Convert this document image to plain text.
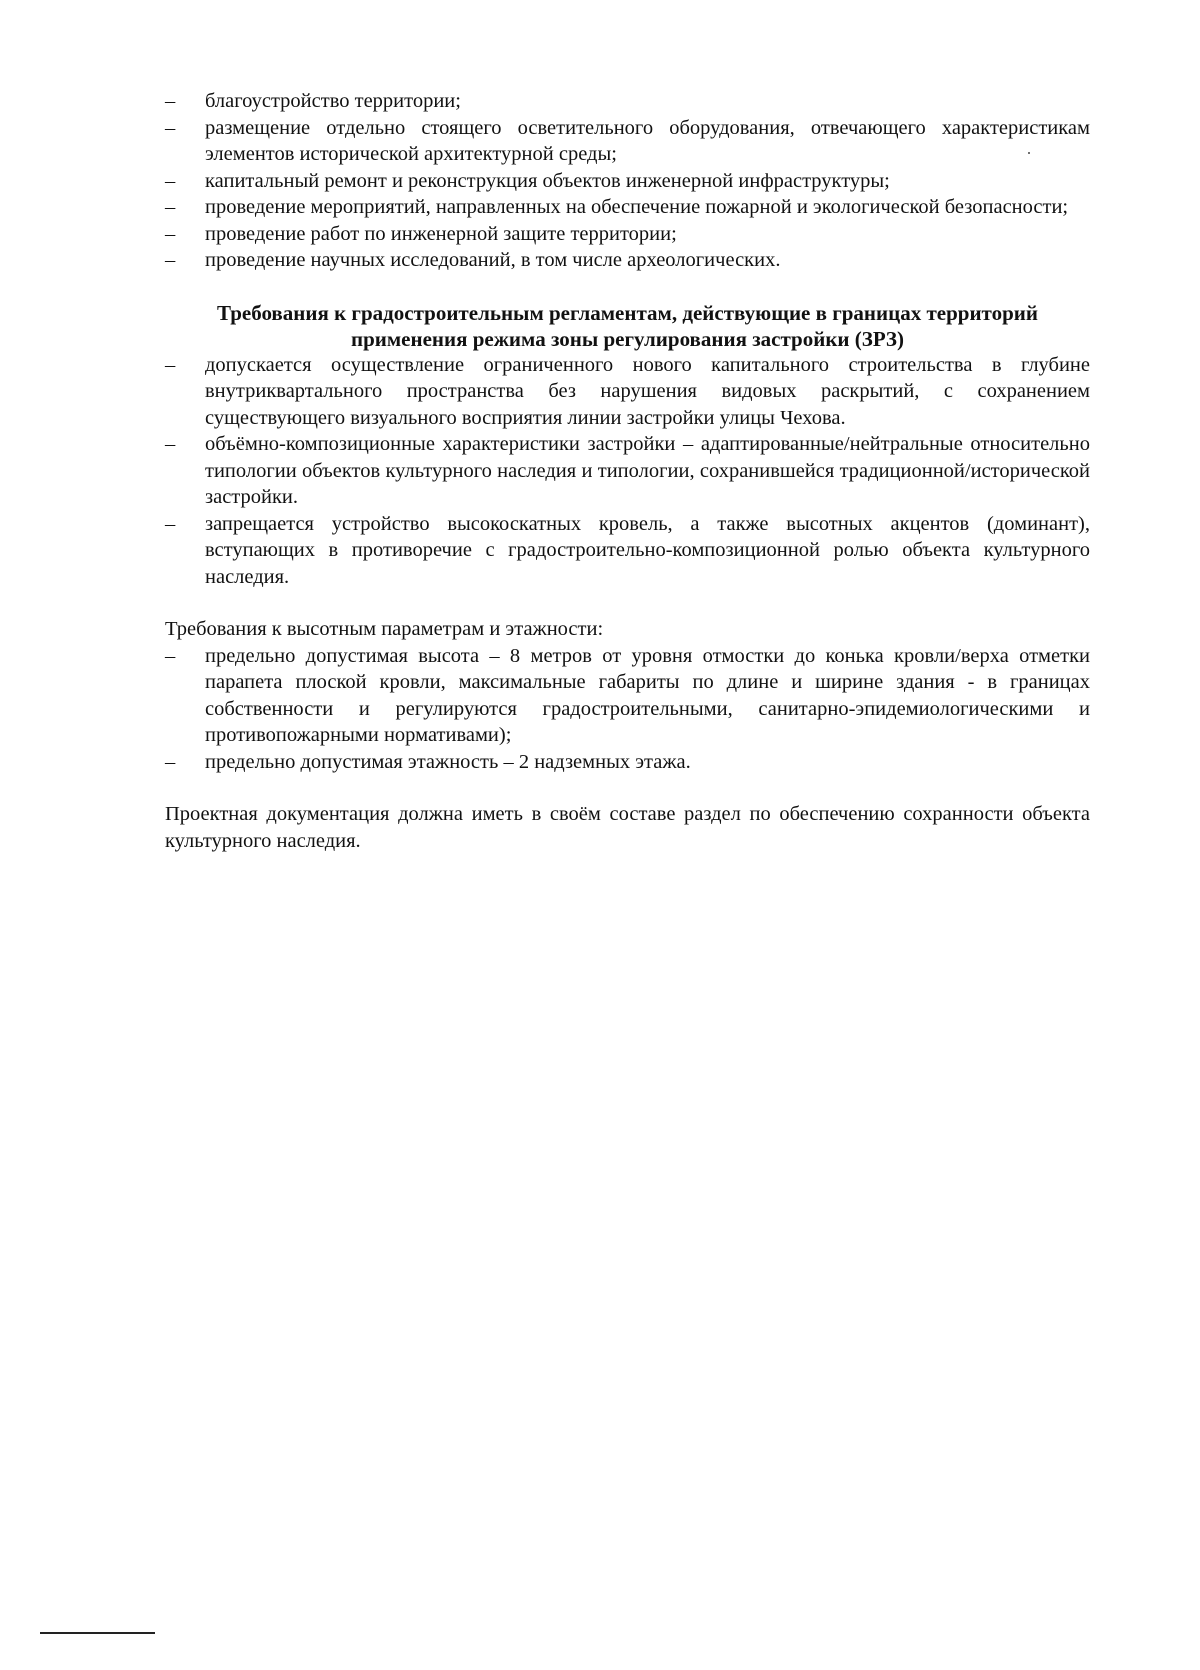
–	благоустройство территории;
–	размещение отдельно стоящего осветительного оборудования, отвечающего характеристикам элементов исторической архитектурной среды;
–	капитальный ремонт и реконструкция объектов инженерной инфраструктуры;
–	проведение мероприятий, направленных на обеспечение пожарной и экологической безопасности;
–	проведение работ по инженерной защите территории;
–	проведение научных исследований, в том числе археологических.
Требования к градостроительным регламентам, действующие в границах территорий применения режима зоны регулирования застройки (ЗРЗ)
–	допускается осуществление ограниченного нового капитального строительства в глубине внутриквартального пространства без нарушения видовых раскрытий, с сохранением существующего визуального восприятия линии застройки улицы Чехова.
–	объёмно-композиционные характеристики застройки – адаптированные/нейтральные относительно типологии объектов культурного наследия и типологии, сохранившейся традиционной/исторической застройки.
–	запрещается устройство высокоскатных кровель, а также высотных акцентов (доминант), вступающих в противоречие с градостроительно-композиционной ролью объекта культурного наследия.
Требования к высотным параметрам и этажности:
–	предельно допустимая высота – 8 метров от уровня отмостки до конька кровли/верха отметки парапета плоской кровли, максимальные габариты по длине и ширине здания - в границах собственности и регулируются градостроительными, санитарно-эпидемиологическими и противопожарными нормативами);
–	предельно допустимая этажность – 2 надземных этажа.
Проектная документация должна иметь в своём составе раздел по обеспечению сохранности объекта культурного наследия.
